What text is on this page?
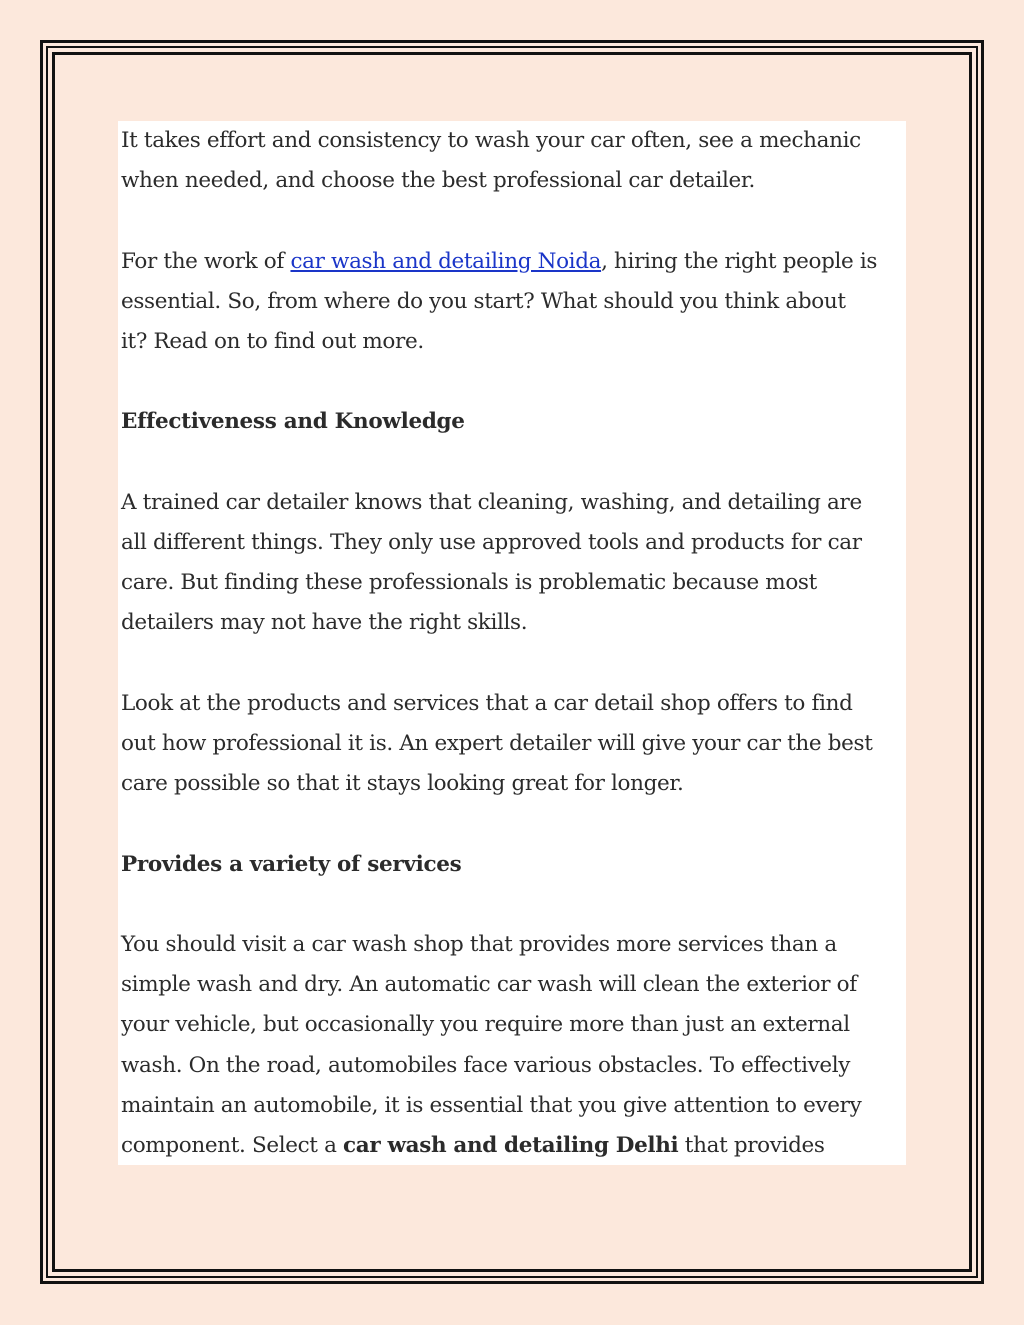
It takes effort and consistency to wash your car often, see a mechanic

when needed, and choose the best professional car detailer.

For the work of car wash and detailing Noida, hiring the right people is

essential. So, from where do you start? What should you think about

it? Read on to find out more.

Effectiveness and Knowledge

A trained car detailer knows that cleaning, washing, and detailing are

all different things. They only use approved tools and products for car

care. But finding these professionals is problematic because most

detailers may not have the right skills.

Look at the products and services that a car detail shop offers to find

out how professional it is. An expert detailer will give your car the best

care possible so that it stays looking great for longer.

Provides a variety of services

You should visit a car wash shop that provides more services than a

simple wash and dry. An automatic car wash will clean the exterior of

your vehicle, but occasionally you require more than just an external

wash. On the road, automobiles face various obstacles. To effectively

maintain an automobile, it is essential that you give attention to every

component. Select a car wash and detailing Delhi that provides
